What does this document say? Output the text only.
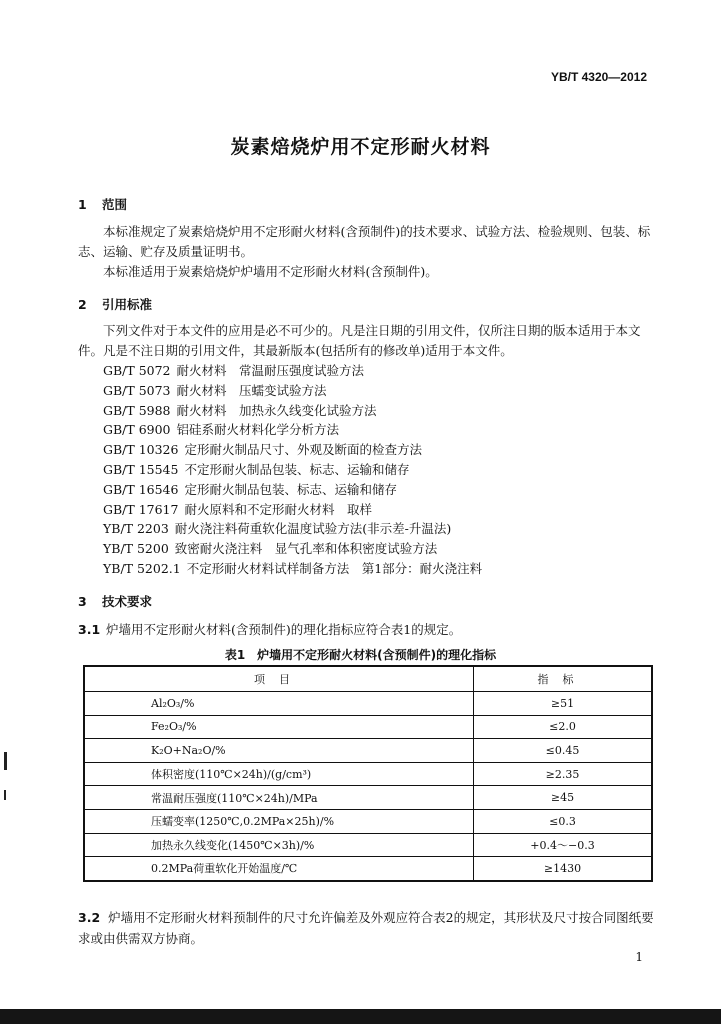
YB/T 4320—2012
炭素焙烧炉用不定形耐火材料
1 范围
本标准规定了炭素焙烧炉用不定形耐火材料(含预制件)的技术要求、试验方法、检验规则、包装、标志、运输、贮存及质量证明书。
本标准适用于炭素焙烧炉炉墙用不定形耐火材料(含预制件)。
2 引用标准
下列文件对于本文件的应用是必不可少的。凡是注日期的引用文件，仅所注日期的版本适用于本文件。凡是不注日期的引用文件，其最新版本(包括所有的修改单)适用于本文件。
GB/T 5072 耐火材料　常温耐压强度试验方法
GB/T 5073 耐火材料　压蠕变试验方法
GB/T 5988 耐火材料　加热永久线变化试验方法
GB/T 6900 铝硅系耐火材料化学分析方法
GB/T 10326 定形耐火制品尺寸、外观及断面的检查方法
GB/T 15545 不定形耐火制品包装、标志、运输和储存
GB/T 16546 定形耐火制品包装、标志、运输和储存
GB/T 17617 耐火原料和不定形耐火材料　取样
YB/T 2203 耐火浇注料荷重软化温度试验方法(非示差-升温法)
YB/T 5200 致密耐火浇注料　显气孔率和体积密度试验方法
YB/T 5202.1 不定形耐火材料试样制备方法　第1部分：耐火浇注料
3 技术要求
3.1 炉墙用不定形耐火材料(含预制件)的理化指标应符合表1的规定。
表1　炉墙用不定形耐火材料(含预制件)的理化指标
项目	指标
Al₂O₃/%	≥51
Fe₂O₃/%	≤2.0
K₂O+Na₂O/%	≤0.45
体积密度(110℃×24h)/(g/cm³)	≥2.35
常温耐压强度(110℃×24h)/MPa	≥45
压蠕变率(1250℃,0.2MPa×25h)/%	≤0.3
加热永久线变化(1450℃×3h)/%	+0.4～−0.3
0.2MPa荷重软化开始温度/℃	≥1430
3.2 炉墙用不定形耐火材料预制件的尺寸允许偏差及外观应符合表2的规定，其形状及尺寸按合同图纸要求或由供需双方协商。
1
